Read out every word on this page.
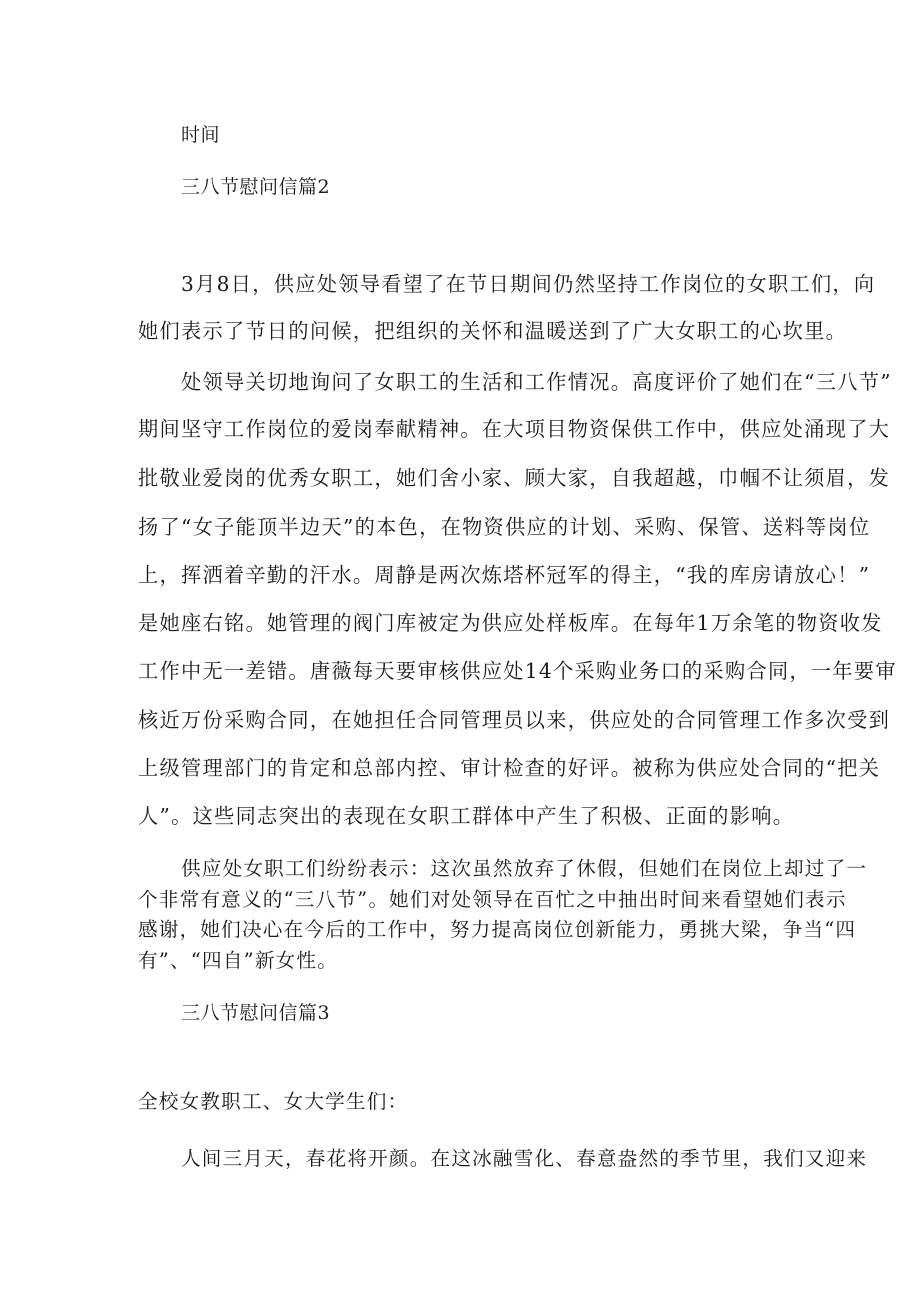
时间

三八节慰问信篇2

3月8日，供应处领导看望了在节日期间仍然坚持工作岗位的女职工们，向

她们表示了节日的问候，把组织的关怀和温暖送到了广大女职工的心坎里。

处领导关切地询问了女职工的生活和工作情况。高度评价了她们在“三八节”

期间坚守工作岗位的爱岗奉献精神。在大项目物资保供工作中，供应处涌现了大

批敬业爱岗的优秀女职工，她们舍小家、顾大家，自我超越，巾帼不让须眉，发

扬了“女子能顶半边天”的本色，在物资供应的计划、采购、保管、送料等岗位

上，挥洒着辛勤的汗水。周静是两次炼塔杯冠军的得主，“我的库房请放心！”

是她座右铭。她管理的阀门库被定为供应处样板库。在每年1万余笔的物资收发

工作中无一差错。唐薇每天要审核供应处14个采购业务口的采购合同，一年要审

核近万份采购合同，在她担任合同管理员以来，供应处的合同管理工作多次受到

上级管理部门的肯定和总部内控、审计检查的好评。被称为供应处合同的“把关

人”。这些同志突出的表现在女职工群体中产生了积极、正面的影响。

供应处女职工们纷纷表示：这次虽然放弃了休假，但她们在岗位上却过了一

个非常有意义的“三八节”。她们对处领导在百忙之中抽出时间来看望她们表示

感谢，她们决心在今后的工作中，努力提高岗位创新能力，勇挑大梁，争当“四

有”、“四自”新女性。

三八节慰问信篇3

全校女教职工、女大学生们：

人间三月天，春花将开颜。在这冰融雪化、春意盎然的季节里，我们又迎来
